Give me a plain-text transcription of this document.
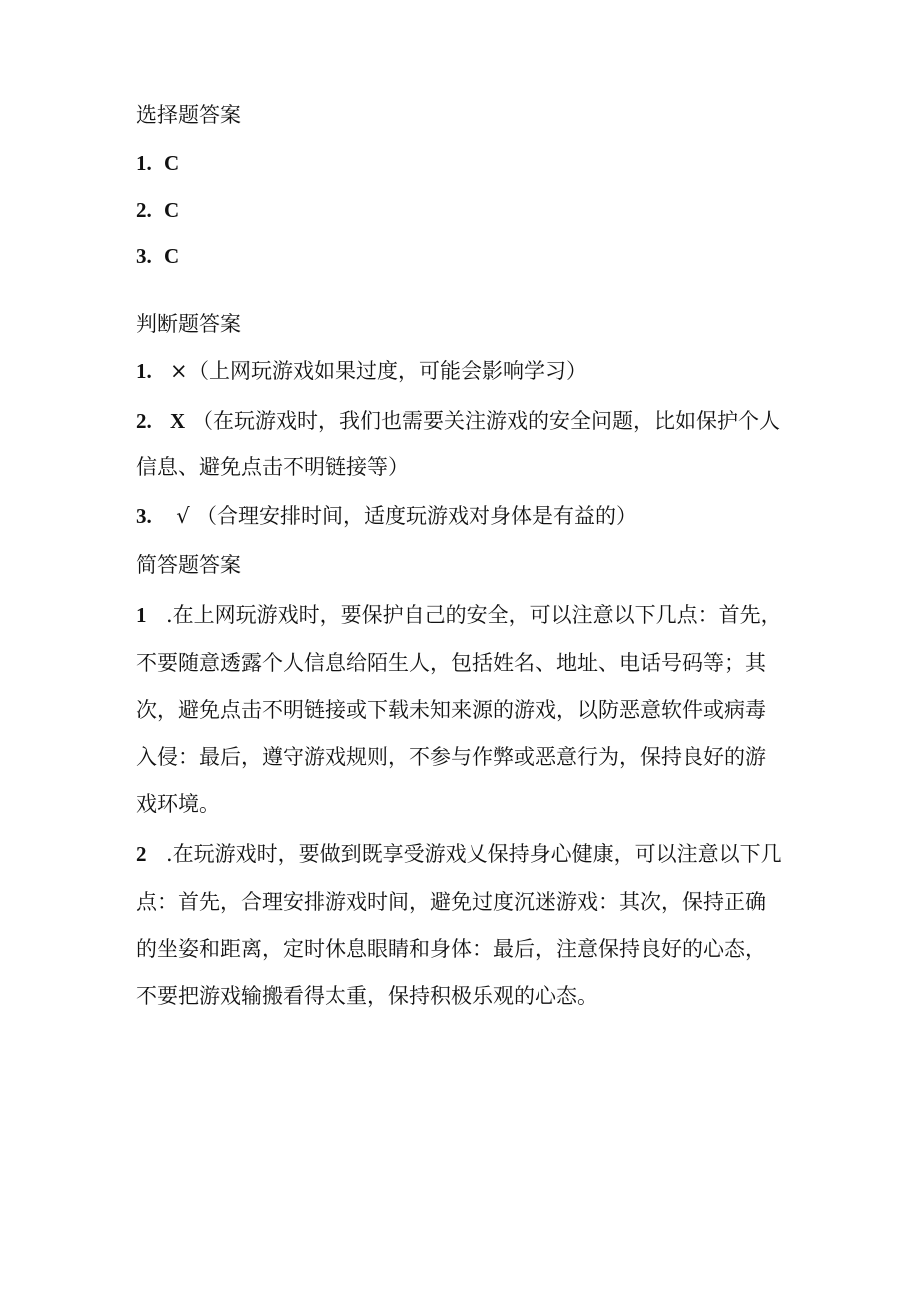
选择题答案
1. C
2. C
3. C
判断题答案
1. ×（上网玩游戏如果过度，可能会影响学习）
2. X （在玩游戏时，我们也需要关注游戏的安全问题，比如保护个人
信息、避免点击不明链接等）
3. √ （合理安排时间，适度玩游戏对身体是有益的）
简答题答案
1 .在上网玩游戏时，要保护自己的安全，可以注意以下几点：首先，
不要随意透露个人信息给陌生人，包括姓名、地址、电话号码等；其
次，避免点击不明链接或下载未知来源的游戏，以防恶意软件或病毒
入侵：最后，遵守游戏规则，不参与作弊或恶意行为，保持良好的游
戏环境。
2 .在玩游戏时，要做到既享受游戏乂保持身心健康，可以注意以下几
点：首先，合理安排游戏时间，避免过度沉迷游戏：其次，保持正确
的坐姿和距离，定时休息眼睛和身体：最后，注意保持良好的心态，
不要把游戏输搬看得太重，保持积极乐观的心态。
